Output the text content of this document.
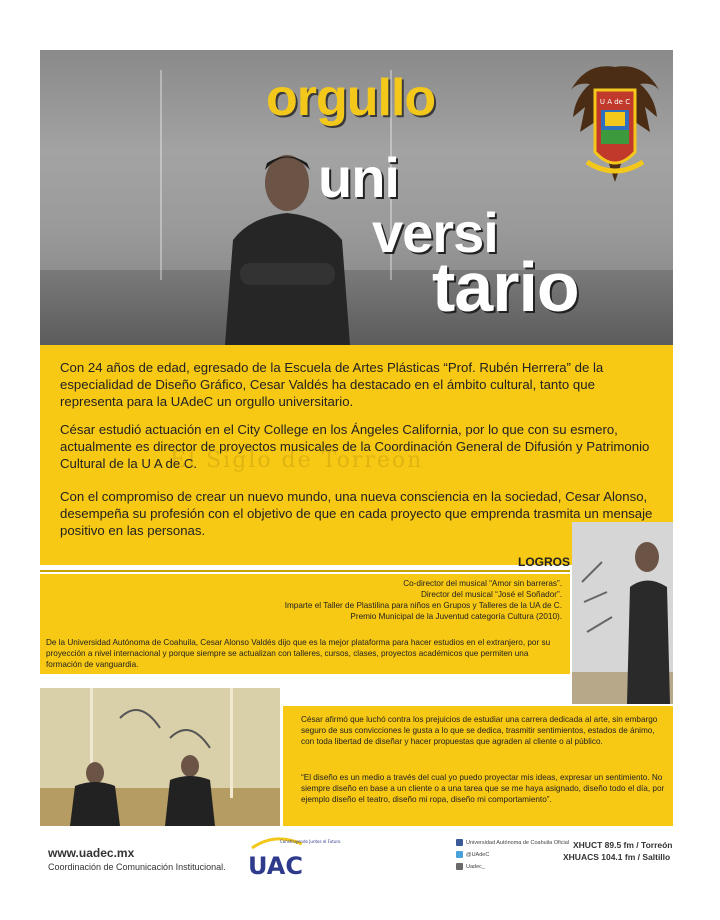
orgullo
uni
versi
tario
U A de C

Con 24 años de edad, egresado de la Escuela de Artes Plásticas “Prof. Rubén Herrera” de la especialidad de Diseño Gráfico, Cesar Valdés ha destacado en el ámbito cultural, tanto que representa para la UAdeC un orgullo universitario.

César estudió actuación en el City College en los Ángeles California, por lo que con su esmero, actualmente es director de proyectos musicales de la Coordinación General de Difusión y Patrimonio Cultural de la U A de C.

Con el compromiso de crear un nuevo mundo, una nueva consciencia en la sociedad, Cesar Alonso, desempeña su profesión con el objetivo de que en cada proyecto que emprenda trasmita un mensaje positivo en las personas.

El Siglo de Torreón
LOGROS
Co-director del musical “Amor sin barreras”.
Director del musical “José el Soñador”.
Imparte el Taller de Plastilina para niños en Grupos y Talleres de la UA de C.
Premio Municipal de la Juventud categoría Cultura (2010).

De la Universidad Autónoma de Coahuila, Cesar Alonso Valdés dijo que es la mejor plataforma para hacer estudios en el extranjero, por su proyección a nivel internacional y porque siempre se actualizan con talleres, cursos, clases, proyectos académicos que permiten una formación de vanguardia.

César afirmó que luchó contra los prejuicios de estudiar una carrera dedicada al arte, sin embargo seguro de sus convicciones le gusta a lo que se dedica, trasmitir sentimientos, estados de ánimo, con toda libertad de diseñar y hacer propuestas que agraden al cliente o al público.

“El diseño es un medio a través del cual yo puedo proyectar mis ideas, expresar un sentimiento. No siempre diseño en base a un cliente o a una tarea que se me haya asignado, diseño todo el día, por ejemplo diseño el teatro, diseño mi ropa, diseño mi comportamiento”.

www.uadec.mx
Coordinación de Comunicación Institucional.
Construyendo Juntos el Futuro
UAC
Universidad Autónoma de Coahuila Oficial
@UAdeC
Uadec_
XHUCT 89.5 fm / Torreón
XHUACS 104.1 fm / Saltillo
